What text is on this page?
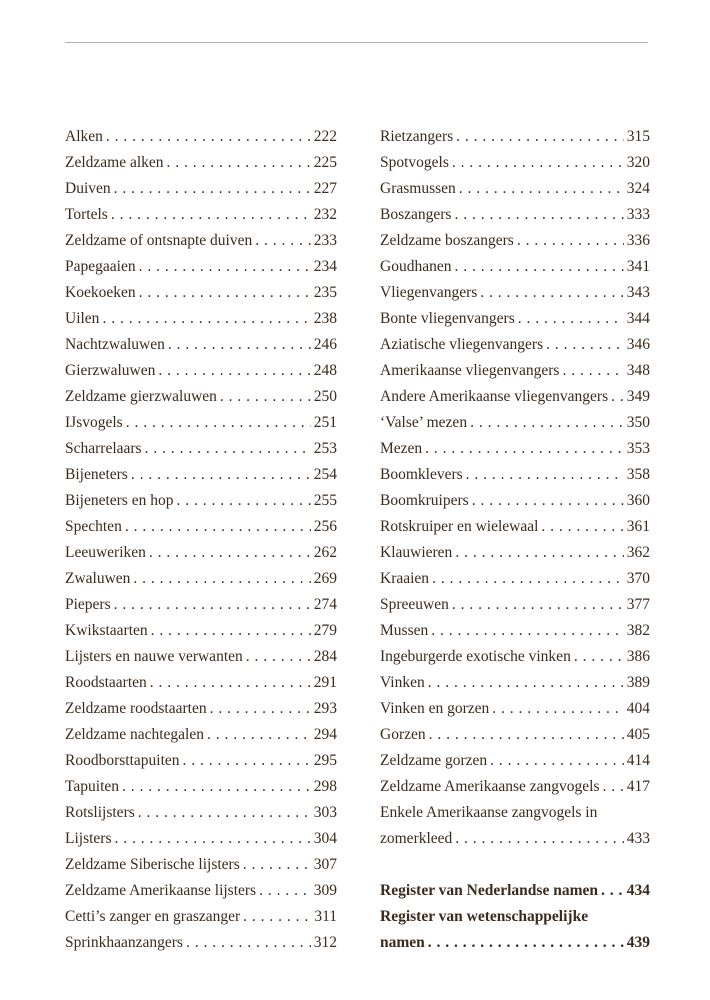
Alken . . .	222
Zeldzame alken . . .	225
Duiven . . .	227
Tortels . . .	232
Zeldzame of ontsnapte duiven . . .	233
Papegaaien . . .	234
Koekoeken . . .	235
Uilen . . .	238
Nachtzwaluwen . . .	246
Gierzwaluwen . . .	248
Zeldzame gierzwaluwen . . .	250
IJsvogels . . .	251
Scharrelaars . . .	253
Bijeneters . . .	254
Bijeneters en hop . . .	255
Spechten . . .	256
Leeuweriken . . .	262
Zwaluwen . . .	269
Piepers . . .	274
Kwikstaarten . . .	279
Lijsters en nauwe verwanten . . .	284
Roodstaarten . . .	291
Zeldzame roodstaarten . . .	293
Zeldzame nachtegalen . . .	294
Roodborsttapuiten . . .	295
Tapuiten . . .	298
Rotslijsters . . .	303
Lijsters . . .	304
Zeldzame Siberische lijsters . . .	307
Zeldzame Amerikaanse lijsters . . .	309
Cetti’s zanger en graszanger . . .	311
Sprinkhaanzangers . . .	312
Rietzangers . . .	315
Spotvogels . . .	320
Grasmussen . . .	324
Boszangers . . .	333
Zeldzame boszangers . . .	336
Goudhanen . . .	341
Vliegenvangers . . .	343
Bonte vliegenvangers . . .	344
Aziatische vliegenvangers . . .	346
Amerikaanse vliegenvangers . . .	348
Andere Amerikaanse vliegenvangers . . . 349
‘Valse’ mezen . . .	350
Mezen . . .	353
Boomklevers . . .	358
Boomkruipers . . .	360
Rotskruiper en wielewaal . . .	361
Klauwieren . . .	362
Kraaien . . .	370
Spreeuwen . . .	377
Mussen . . .	382
Ingeburgerde exotische vinken . . .	386
Vinken . . .	389
Vinken en gorzen . . .	404
Gorzen . . .	405
Zeldzame gorzen . . .	414
Zeldzame Amerikaanse zangvogels . . . 417
Enkele Amerikaanse zangvogels in
zomerkleed . . .	433
Register van Nederlandse namen . . . 434
Register van wetenschappelijke
namen . . .	439
